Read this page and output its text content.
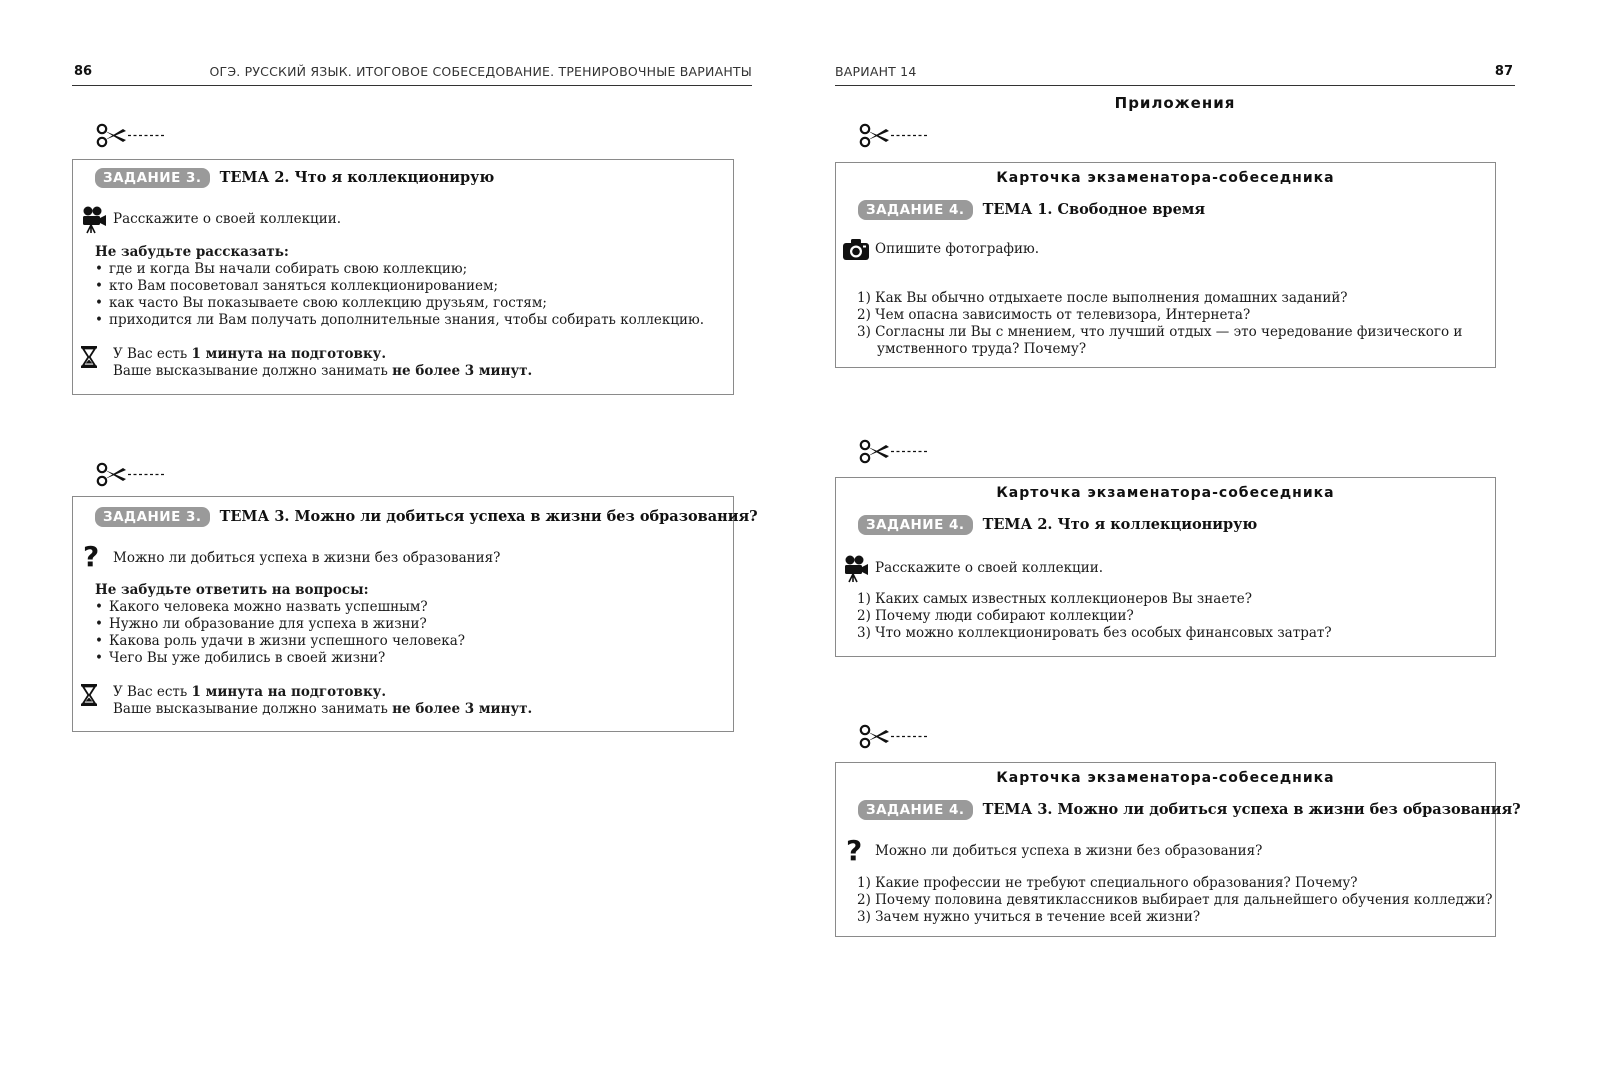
86	ОГЭ. РУССКИЙ ЯЗЫК. ИТОГОВОЕ СОБЕСЕДОВАНИЕ. ТРЕНИРОВОЧНЫЕ ВАРИАНТЫ
ЗАДАНИЕ 3. ТЕМА 2. Что я коллекционирую
Расскажите о своей коллекции.
Не забудьте рассказать:
• где и когда Вы начали собирать свою коллекцию;
• кто Вам посоветовал заняться коллекционированием;
• как часто Вы показываете свою коллекцию друзьям, гостям;
• приходится ли Вам получать дополнительные знания, чтобы собирать коллекцию.
У Вас есть 1 минута на подготовку.
Ваше высказывание должно занимать не более 3 минут.
ЗАДАНИЕ 3. ТЕМА 3. Можно ли добиться успеха в жизни без образования?
? Можно ли добиться успеха в жизни без образования?
Не забудьте ответить на вопросы:
• Какого человека можно назвать успешным?
• Нужно ли образование для успеха в жизни?
• Какова роль удачи в жизни успешного человека?
• Чего Вы уже добились в своей жизни?
У Вас есть 1 минута на подготовку.
Ваше высказывание должно занимать не более 3 минут.
ВАРИАНТ 14	87
Приложения
Карточка экзаменатора-собеседника
ЗАДАНИЕ 4. ТЕМА 1. Свободное время
Опишите фотографию.
1) Как Вы обычно отдыхаете после выполнения домашних заданий?
2) Чем опасна зависимость от телевизора, Интернета?
3) Согласны ли Вы с мнением, что лучший отдых — это чередование физического и умственного труда? Почему?
Карточка экзаменатора-собеседника
ЗАДАНИЕ 4. ТЕМА 2. Что я коллекционирую
Расскажите о своей коллекции.
1) Каких самых известных коллекционеров Вы знаете?
2) Почему люди собирают коллекции?
3) Что можно коллекционировать без особых финансовых затрат?
Карточка экзаменатора-собеседника
ЗАДАНИЕ 4. ТЕМА 3. Можно ли добиться успеха в жизни без образования?
? Можно ли добиться успеха в жизни без образования?
1) Какие профессии не требуют специального образования? Почему?
2) Почему половина девятиклассников выбирает для дальнейшего обучения колледжи?
3) Зачем нужно учиться в течение всей жизни?
